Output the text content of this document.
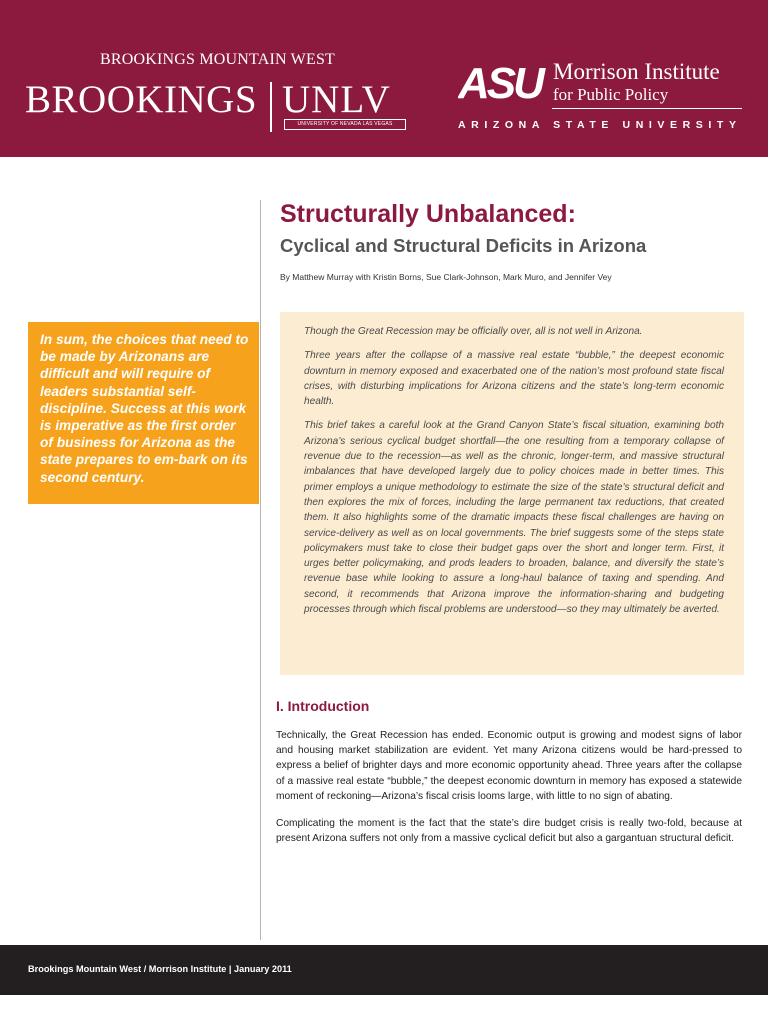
BROOKINGS MOUNTAIN WEST
BROOKINGS UNLV
UNIVERSITY OF NEVADA LAS VEGAS
ASU Morrison Institute
for Public Policy
ARIZONA STATE UNIVERSITY
Structurally Unbalanced:
Cyclical and Structural Deficits in Arizona
By Matthew Murray with Kristin Borns, Sue Clark-Johnson, Mark Muro, and Jennifer Vey
In sum, the choices that need to be made by Arizonans are difficult and will require of leaders substantial self-discipline. Success at this work is imperative as the first order of business for Arizona as the state prepares to em-bark on its second century.

Though the Great Recession may be officially over, all is not well in Arizona.

Three years after the collapse of a massive real estate “bubble,” the deepest economic downturn in memory exposed and exacerbated one of the nation’s most profound state fiscal crises, with disturbing implications for Arizona citizens and the state’s long-term economic health.

This brief takes a careful look at the Grand Canyon State’s fiscal situation, examining both Arizona’s serious cyclical budget shortfall—the one resulting from a temporary collapse of revenue due to the recession—as well as the chronic, longer-term, and massive structural imbalances that have developed largely due to policy choices made in better times. This primer employs a unique methodology to estimate the size of the state’s structural deficit and then explores the mix of forces, including the large permanent tax reductions, that created them. It also highlights some of the dramatic impacts these fiscal challenges are having on service-delivery as well as on local governments. The brief suggests some of the steps state policymakers must take to close their budget gaps over the short and longer term. First, it urges better policymaking, and prods leaders to broaden, balance, and diversify the state’s revenue base while looking to assure a long-haul balance of taxing and spending. And second, it recommends that Arizona improve the information-sharing and budgeting processes through which fiscal problems are understood—so they may ultimately be averted.

I. Introduction

Technically, the Great Recession has ended. Economic output is growing and modest signs of labor and housing market stabilization are evident. Yet many Arizona citizens would be hard-pressed to express a belief of brighter days and more economic opportunity ahead. Three years after the collapse of a massive real estate “bubble,” the deepest economic downturn in memory has exposed a statewide moment of reckoning—Arizona’s fiscal crisis looms large, with little to no sign of abating.

Complicating the moment is the fact that the state’s dire budget crisis is really two-fold, because at present Arizona suffers not only from a massive cyclical deficit but also a gargantuan structural deficit.

Brookings Mountain West / Morrison Institute | January 2011
